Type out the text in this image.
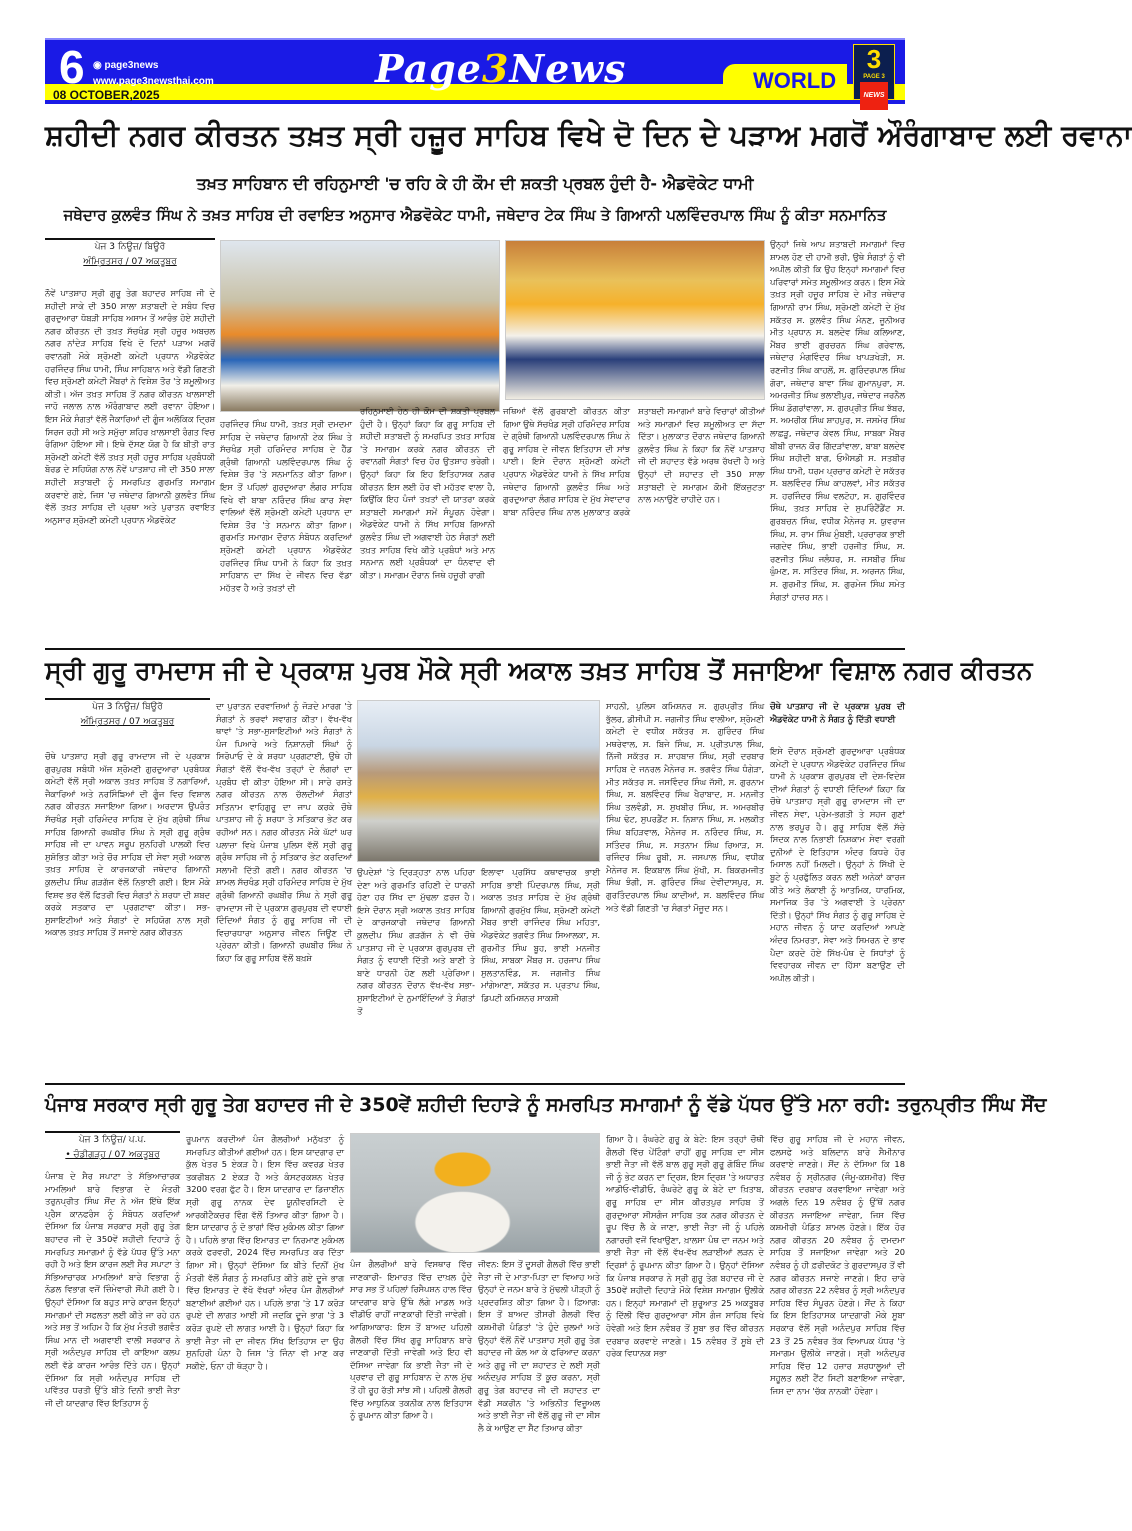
6 ◉ page3news
www.page3newsthai.com
08 OCTOBER,2025
Page3News	WORLD
3
PAGE 3
NEWS
ਸ਼ਹੀਦੀ ਨਗਰ ਕੀਰਤਨ ਤਖ਼ਤ ਸ੍ਰੀ ਹਜ਼ੂਰ ਸਾਹਿਬ ਵਿਖੇ ਦੋ ਦਿਨ ਦੇ ਪੜਾਅ ਮਗਰੋਂ ਔਰੰਗਾਬਾਦ ਲਈ ਰਵਾਨਾ
ਤਖ਼ਤ ਸਾਹਿਬਾਨ ਦੀ ਰਹਿਨੁਮਾਈ 'ਚ ਰਹਿ ਕੇ ਹੀ ਕੌਮ ਦੀ ਸ਼ਕਤੀ ਪ੍ਰਬਲ ਹੁੰਦੀ ਹੈ- ਐਡਵੋਕੇਟ ਧਾਮੀ
ਜਥੇਦਾਰ ਕੁਲਵੰਤ ਸਿੰਘ ਨੇ ਤਖ਼ਤ ਸਾਹਿਬ ਦੀ ਰਵਾਇਤ ਅਨੁਸਾਰ ਐਡਵੋਕੇਟ ਧਾਮੀ, ਜਥੇਦਾਰ ਟੇਕ ਸਿੰਘ ਤੇ ਗਿਆਨੀ ਪਲਵਿੰਦਰਪਾਲ ਸਿੰਘ ਨੂੰ ਕੀਤਾ ਸਨਮਾਨਿਤ
ਪੇਜ 3 ਨਿਊਜ਼/ ਬਿਊਰੋ
ਅੰਮ੍ਰਿਤਸਰ / 07 ਅਕਤੂਬਰ
ਨੌਵੇਂ ਪਾਤਸ਼ਾਹ ਸ੍ਰੀ ਗੁਰੂ ਤੇਗ ਬਹਾਦਰ ਸਾਹਿਬ ਜੀ ਦੇ ਸ਼ਹੀਦੀ ਸਾਕੇ ਦੀ 350 ਸਾਲਾ ਸ਼ਤਾਬਦੀ ਦੇ ਸਬੰਧ ਵਿਚ ਗੁਰਦੁਆਰਾ ਧੋਬੜੀ ਸਾਹਿਬ ਅਸਾਮ ਤੋਂ ਆਰੰਭ ਹੋਏ ਸ਼ਹੀਦੀ ਨਗਰ ਕੀਰਤਨ ਦੀ ਤਖ਼ਤ ਸੱਚਖੰਡ ਸ੍ਰੀ ਹਜ਼ੂਰ ਅਬਚਲ ਨਗਰ ਨਾਂਦੇੜ ਸਾਹਿਬ ਵਿਖੇ ਦੋ ਦਿਨਾਂ ਪੜਾਅ ਮਗਰੋਂ ਰਵਾਨਗੀ ਮੌਕੇ ਸ਼੍ਰੋਮਣੀ ਕਮੇਟੀ ਪ੍ਰਧਾਨ ਐਡਵੋਕੇਟ ਹਰਜਿੰਦਰ ਸਿੰਘ ਧਾਮੀ, ਸਿੰਘ ਸਾਹਿਬਾਨ ਅਤੇ ਵੱਡੀ ਗਿਣਤੀ ਵਿਚ ਸ਼੍ਰੋਮਣੀ ਕਮੇਟੀ ਮੈਂਬਰਾਂ ਨੇ ਵਿਸ਼ੇਸ਼ ਤੌਰ 'ਤੇ ਸ਼ਮੂਲੀਅਤ ਕੀਤੀ। ਅੱਜ ਤਖ਼ਤ ਸਾਹਿਬ ਤੋਂ ਨਗਰ ਕੀਰਤਨ ਖਾਲਸਾਈ ਜਾਹੋ ਜਲਾਲ ਨਾਲ ਔਰੰਗਾਬਾਦ ਲਈ ਰਵਾਨਾ ਹੋਇਆ। ਇਸ ਮੌਕੇ ਸੰਗਤਾਂ ਵੱਲੋਂ ਜੈਕਾਰਿਆਂ ਦੀ ਗੂੰਜ ਅਲੌਕਿਕ ਦ੍ਰਿਸ਼ ਸਿਰਜ ਰਹੀ ਸੀ ਅਤੇ ਸਮੁੱਚਾ ਸ਼ਹਿਰ ਖ਼ਾਲਸਾਈ ਰੰਗਤ ਵਿਚ ਰੰਗਿਆ ਹੋਇਆ ਸੀ। ਇਥੇ ਦੱਸਣ ਯੋਗ ਹੈ ਕਿ ਬੀਤੀ ਰਾਤ ਸ਼੍ਰੋਮਣੀ ਕਮੇਟੀ ਵੱਲੋਂ ਤਖ਼ਤ ਸ੍ਰੀ ਹਜ਼ੂਰ ਸਾਹਿਬ ਪ੍ਰਬੰਧਕੀ ਬੋਰਡ ਦੇ ਸਹਿਯੋਗ ਨਾਲ ਨੌਵੇਂ ਪਾਤਸ਼ਾਹ ਜੀ ਦੀ 350 ਸਾਲਾ ਸ਼ਹੀਦੀ ਸ਼ਤਾਬਦੀ ਨੂੰ ਸਮਰਪਿਤ ਗੁਰਮਤਿ ਸਮਾਗਮ ਕਰਵਾਏ ਗਏ, ਜਿਸ 'ਚ ਜਥੇਦਾਰ ਗਿਆਨੀ ਕੁਲਵੰਤ ਸਿੰਘ ਵੱਲੋਂ ਤਖ਼ਤ ਸਾਹਿਬ ਦੀ ਪ੍ਰਥਾ ਅਤੇ ਪੁਰਾਤਨ ਰਵਾਇਤ ਅਨੁਸਾਰ ਸ਼੍ਰੋਮਣੀ ਕਮੇਟੀ ਪ੍ਰਧਾਨ ਐਡਵੋਕੇਟ
ਹਰਜਿੰਦਰ ਸਿੰਘ ਧਾਮੀ, ਤਖ਼ਤ ਸ੍ਰੀ ਦਮਦਮਾ ਸਾਹਿਬ ਦੇ ਜਥੇਦਾਰ ਗਿਆਨੀ ਟੇਕ ਸਿੰਘ ਤੇ ਸੱਚਖੰਡ ਸ੍ਰੀ ਹਰਿਮੰਦਰ ਸਾਹਿਬ ਦੇ ਹੈੱਡ ਗ੍ਰੰਥੀ ਗਿਆਨੀ ਪਲਵਿੰਦਰਪਾਲ ਸਿੰਘ ਨੂੰ ਵਿਸ਼ੇਸ਼ ਤੌਰ 'ਤੇ ਸਨਮਾਨਿਤ ਕੀਤਾ ਗਿਆ। ਇਸ ਤੋਂ ਪਹਿਲਾਂ ਗੁਰਦੁਆਰਾ ਲੰਗਰ ਸਾਹਿਬ ਵਿਖੇ ਵੀ ਬਾਬਾ ਨਰਿੰਦਰ ਸਿੰਘ ਕਾਰ ਸੇਵਾ ਵਾਲਿਆਂ ਵੱਲੋਂ ਸ਼੍ਰੋਮਣੀ ਕਮੇਟੀ ਪ੍ਰਧਾਨ ਦਾ ਵਿਸ਼ੇਸ਼ ਤੌਰ 'ਤੇ ਸਨਮਾਨ ਕੀਤਾ ਗਿਆ। ਗੁਰਮਤਿ ਸਮਾਗਮ ਦੌਰਾਨ ਸੰਬੋਧਨ ਕਰਦਿਆਂ ਸ਼੍ਰੋਮਣੀ ਕਮੇਟੀ ਪ੍ਰਧਾਨ ਐਡਵੋਕੇਟ ਹਰਜਿੰਦਰ ਸਿੰਘ ਧਾਮੀ ਨੇ ਕਿਹਾ ਕਿ ਤਖ਼ਤ ਸਾਹਿਬਾਨ ਦਾ ਸਿੱਖ ਦੇ ਜੀਵਨ ਵਿਚ ਵੱਡਾ ਮਹੱਤਵ ਹੈ ਅਤੇ ਤਖ਼ਤਾਂ ਦੀ
ਰਹਿਨੁਮਾਈ ਹੇਠ ਹੀ ਕੌਮ ਦੀ ਸ਼ਕਤੀ ਪ੍ਰਬਲ ਹੁੰਦੀ ਹੈ। ਉਨ੍ਹਾਂ ਕਿਹਾ ਕਿ ਗੁਰੂ ਸਾਹਿਬ ਦੀ ਸ਼ਹੀਦੀ ਸ਼ਤਾਬਦੀ ਨੂੰ ਸਮਰਪਿਤ ਤਖ਼ਤ ਸਾਹਿਬ 'ਤੇ ਸਮਾਗਮ ਕਰਕੇ ਨਗਰ ਕੀਰਤਨ ਦੀ ਰਵਾਨਗੀ ਸੰਗਤਾਂ ਵਿਚ ਹੋਰ ਉਤਸ਼ਾਹ ਭਰੇਗੀ। ਉਨ੍ਹਾਂ ਕਿਹਾ ਕਿ ਇਹ ਇਤਿਹਾਸਕ ਨਗਰ ਕੀਰਤਨ ਇਸ ਲਈ ਹੋਰ ਵੀ ਮਹੱਤਵ ਵਾਲਾ ਹੈ, ਕਿਉਂਕਿ ਇਹ ਪੰਜਾਂ ਤਖ਼ਤਾਂ ਦੀ ਯਾਤਰਾ ਕਰਕੇ ਸ਼ਤਾਬਦੀ ਸਮਾਗਮਾਂ ਸਮੇਂ ਸੰਪੂਰਨ ਹੋਵੇਗਾ। ਐਡਵੋਕੇਟ ਧਾਮੀ ਨੇ ਸਿੱਖ ਸਾਹਿਬ ਗਿਆਨੀ ਕੁਲਵੰਤ ਸਿੰਘ ਦੀ ਅਗਵਾਈ ਹੇਠ ਸੰਗਤਾਂ ਲਈ ਤਖ਼ਤ ਸਾਹਿਬ ਵਿਖੇ ਕੀਤੇ ਪ੍ਰਬੰਧਾਂ ਅਤੇ ਮਾਨ ਸਨਮਾਨ ਲਈ ਪ੍ਰਬੰਧਕਾਂ ਦਾ ਧੰਨਵਾਦ ਵੀ ਕੀਤਾ। ਸਮਾਗਮ ਦੌਰਾਨ ਜਿਥੇ ਹਜ਼ੂਰੀ ਰਾਗੀ
ਜਥਿਆਂ ਵੱਲੋਂ ਗੁਰਬਾਣੀ ਕੀਰਤਨ ਕੀਤਾ ਗਿਆ ਉਥੇ ਸੱਚਖੰਡ ਸ੍ਰੀ ਹਰਿਮੰਦਰ ਸਾਹਿਬ ਦੇ ਗ੍ਰੰਥੀ ਗਿਆਨੀ ਪਲਵਿੰਦਰਪਾਲ ਸਿੰਘ ਨੇ ਗੁਰੂ ਸਾਹਿਬ ਦੇ ਜੀਵਨ ਇਤਿਹਾਸ ਦੀ ਸਾਂਝ ਪਾਈ। ਇਸੇ ਦੌਰਾਨ ਸ਼੍ਰੋਮਣੀ ਕਮੇਟੀ ਪ੍ਰਧਾਨ ਐਡਵੋਕੇਟ ਧਾਮੀ ਨੇ ਸਿੱਖ ਸਾਹਿਬ ਜਥੇਦਾਰ ਗਿਆਨੀ ਕੁਲਵੰਤ ਸਿੰਘ ਅਤੇ ਗੁਰਦੁਆਰਾ ਲੰਗਰ ਸਾਹਿਬ ਦੇ ਮੁੱਖ ਸੇਵਾਦਾਰ ਬਾਬਾ ਨਰਿੰਦਰ ਸਿੰਘ ਨਾਲ ਮੁਲਾਕਾਤ ਕਰਕੇ ਸ਼ਤਾਬਦੀ ਸਮਾਗਮਾਂ ਬਾਰੇ ਵਿਚਾਰਾਂ ਕੀਤੀਆਂ ਅਤੇ ਸਮਾਗਮਾਂ ਵਿਚ ਸ਼ਮੂਲੀਅਤ ਦਾ ਸੱਦਾ ਦਿੱਤਾ। ਮੁਲਾਕਾਤ ਦੌਰਾਨ ਜਥੇਦਾਰ ਗਿਆਨੀ ਕੁਲਵੰਤ ਸਿੰਘ ਨੇ ਕਿਹਾ ਕਿ ਨੌਵੇਂ ਪਾਤਸ਼ਾਹ ਜੀ ਦੀ ਸ਼ਹਾਦਤ ਵੱਡੇ ਅਰਥ ਰੱਖਦੀ ਹੈ ਅਤੇ ਉਨ੍ਹਾਂ ਦੀ ਸ਼ਹਾਦਤ ਦੀ 350 ਸਾਲਾ ਸ਼ਤਾਬਦੀ ਦੇ ਸਮਾਗਮ ਕੌਮੀ ਇੱਕਜੁਟਤਾ ਨਾਲ ਮਨਾਉਣੇ ਚਾਹੀਦੇ ਹਨ।
ਉਨ੍ਹਾਂ ਜਿਥੇ ਆਪ ਸ਼ਤਾਬਦੀ ਸਮਾਗਮਾਂ ਵਿਚ ਸ਼ਾਮਲ ਹੋਣ ਦੀ ਹਾਮੀ ਭਰੀ, ਉਥੇ ਸੰਗਤਾਂ ਨੂੰ ਵੀ ਅਪੀਲ ਕੀਤੀ ਕਿ ਉਹ ਇਨ੍ਹਾਂ ਸਮਾਗਮਾਂ ਵਿਚ ਪਰਿਵਾਰਾਂ ਸਮੇਤ ਸ਼ਮੂਲੀਅਤ ਕਰਨ। ਇਸ ਮੌਕੇ ਤਖ਼ਤ ਸ੍ਰੀ ਹਜ਼ੂਰ ਸਾਹਿਬ ਦੇ ਮੀਤ ਜਥੇਦਾਰ ਗਿਆਨੀ ਰਾਮ ਸਿੰਘ, ਸ਼੍ਰੋਮਣੀ ਕਮੇਟੀ ਦੇ ਮੁੱਖ ਸਕੱਤਰ ਸ. ਕੁਲਵੰਤ ਸਿੰਘ ਮੰਨਣ, ਜੂਨੀਅਰ ਮੀਤ ਪ੍ਰਧਾਨ ਸ. ਬਲਦੇਵ ਸਿੰਘ ਕਲਿਆਣ, ਮੈਂਬਰ ਭਾਈ ਗੁਰਚਰਨ ਸਿੰਘ ਗਰੇਵਾਲ, ਜਥੇਦਾਰ ਮੰਗਵਿੰਦਰ ਸਿੰਘ ਖਾਪੜਖੇੜੀ, ਸ. ਰਣਜੀਤ ਸਿੰਘ ਕਾਹਲੋਂ, ਸ. ਗੁਰਿੰਦਰਪਾਲ ਸਿੰਘ ਗੋਰਾ, ਜਥੇਦਾਰ ਬਾਵਾ ਸਿੰਘ ਗੁਮਾਨਪੁਰਾ, ਸ. ਅਮਰਜੀਤ ਸਿੰਘ ਭਲਾਈਪੁਰ, ਜਥੇਦਾਰ ਜਰਨੈਲ ਸਿੰਘ ਡੋਗਰਾਂਵਾਲਾ, ਸ. ਗੁਰਪ੍ਰੀਤ ਸਿੰਘ ਝੱਬਰ, ਸ. ਅਮਰੀਕ ਸਿੰਘ ਸ਼ਾਹਪੁਰ, ਸ. ਜਸਮੇਰ ਸਿੰਘ ਲਾਛੜੂ, ਜਥੇਦਾਰ ਕੇਵਲ ਸਿੰਘ, ਸਾਬਕਾ ਮੈਂਬਰ ਬੀਬੀ ਰਾਜਨ ਕੌਰ ਗਿੱਦੜਾਂਵਾਲਾ, ਬਾਬਾ ਬਲਦੇਵ ਸਿੰਘ ਸ਼ਹੀਦੀ ਬਾਗ, ਓਐਸਡੀ ਸ. ਸਤਬੀਰ ਸਿੰਘ ਧਾਮੀ, ਧਰਮ ਪ੍ਰਚਾਰ ਕਮੇਟੀ ਦੇ ਸਕੱਤਰ ਸ. ਬਲਵਿੰਦਰ ਸਿੰਘ ਕਾਹਲਵਾਂ, ਮੀਤ ਸਕੱਤਰ ਸ. ਹਰਜਿੰਦਰ ਸਿੰਘ ਵਲਟੋਹਾ, ਸ. ਗੁਰਵਿੰਦਰ ਸਿੰਘ, ਤਖ਼ਤ ਸਾਹਿਬ ਦੇ ਸੁਪਰਿੰਟੈਂਡੈਂਟ ਸ. ਗੁਰਬਚਨ ਸਿੰਘ, ਵਧੀਕ ਮੈਨੇਜਰ ਸ. ਯੁਵਰਾਜ ਸਿੰਘ, ਸ. ਰਾਮ ਸਿੰਘ ਮੁੰਬਈ, ਪ੍ਰਚਾਰਕ ਭਾਈ ਜਗਦੇਵ ਸਿੰਘ, ਭਾਈ ਹਰਜੀਤ ਸਿੰਘ, ਸ. ਰਣਜੀਤ ਸਿੰਘ ਜਲੰਧਰ, ਸ. ਜਸਬੀਰ ਸਿੰਘ ਘੁੰਮਣ, ਸ. ਸਤਿੰਦਰ ਸਿੰਘ, ਸ. ਅਰਜਨ ਸਿੰਘ, ਸ. ਗੁਰਮੀਤ ਸਿੰਘ, ਸ. ਗੁਰਮੇਜ ਸਿੰਘ ਸਮੇਤ ਸੰਗਤਾਂ ਹਾਜ਼ਰ ਸਨ।
ਸ੍ਰੀ ਗੁਰੂ ਰਾਮਦਾਸ ਜੀ ਦੇ ਪ੍ਰਕਾਸ਼ ਪੁਰਬ ਮੌਕੇ ਸ੍ਰੀ ਅਕਾਲ ਤਖ਼ਤ ਸਾਹਿਬ ਤੋਂ ਸਜਾਇਆ ਵਿਸ਼ਾਲ ਨਗਰ ਕੀਰਤਨ
ਪੇਜ 3 ਨਿਊਜ਼/ ਬਿਊਰੋ
ਅੰਮ੍ਰਿਤਸਰ / 07 ਅਕਤੂਬਰ
ਚੌਥੇ ਪਾਤਸ਼ਾਹ ਸ੍ਰੀ ਗੁਰੂ ਰਾਮਦਾਸ ਜੀ ਦੇ ਪ੍ਰਕਾਸ਼ ਗੁਰਪੁਰਬ ਸਬੰਧੀ ਅੱਜ ਸ਼੍ਰੋਮਣੀ ਗੁਰਦੁਆਰਾ ਪ੍ਰਬੰਧਕ ਕਮੇਟੀ ਵੱਲੋਂ ਸ੍ਰੀ ਅਕਾਲ ਤਖ਼ਤ ਸਾਹਿਬ ਤੋਂ ਨਗਾਰਿਆਂ, ਜੈਕਾਰਿਆਂ ਅਤੇ ਨਰਸਿੰਙਿਆਂ ਦੀ ਗੂੰਜ ਵਿਚ ਵਿਸ਼ਾਲ ਨਗਰ ਕੀਰਤਨ ਸਜਾਇਆ ਗਿਆ। ਅਰਦਾਸ ਉਪਰੰਤ ਸੱਚਖੰਡ ਸ੍ਰੀ ਹਰਿਮੰਦਰ ਸਾਹਿਬ ਦੇ ਮੁੱਖ ਗ੍ਰੰਥੀ ਸਿੰਘ ਸਾਹਿਬ ਗਿਆਨੀ ਰਘਬੀਰ ਸਿੰਘ ਨੇ ਸ੍ਰੀ ਗੁਰੂ ਗ੍ਰੰਥ ਸਾਹਿਬ ਜੀ ਦਾ ਪਾਵਨ ਸਰੂਪ ਸੁਨਹਿਰੀ ਪਾਲਕੀ ਵਿਚ ਸੁਸ਼ੋਭਿਤ ਕੀਤਾ ਅਤੇ ਚੌਰ ਸਾਹਿਬ ਦੀ ਸੇਵਾ ਸ੍ਰੀ ਅਕਾਲ ਤਖ਼ਤ ਸਾਹਿਬ ਦੇ ਕਾਰਜਕਾਰੀ ਜਥੇਦਾਰ ਗਿਆਨੀ ਕੁਲਦੀਪ ਸਿੰਘ ਗੜਗੱਜ ਵੱਲੋਂ ਨਿਭਾਈ ਗਈ। ਇਸ ਮੌਕੇ ਵਿਸ਼ਵ ਭਰ ਵੱਲੋਂ ਫਿਤਰੀ ਵਿਚ ਸੰਗਤਾਂ ਨੇ ਸ਼ਰਧਾ ਦੀ ਸ਼ਬਦ ਕਰਕੇ ਸਤਕਾਰ ਦਾ ਪ੍ਰਗਟਾਵਾ ਕੀਤਾ। ਸਭ-ਸੁਸਾਇਟੀਆਂ ਅਤੇ ਸੰਗਤਾਂ ਦੇ ਸਹਿਯੋਗ ਨਾਲ ਸ੍ਰੀ ਅਕਾਲ ਤਖ਼ਤ ਸਾਹਿਬ ਤੋਂ ਸਜਾਏ ਨਗਰ ਕੀਰਤਨ
ਦਾ ਪੁਰਾਤਨ ਦਰਵਾਜ਼ਿਆਂ ਨੂੰ ਜੋੜਦੇ ਮਾਰਗ 'ਤੇ ਸੰਗਤਾਂ ਨੇ ਭਰਵਾਂ ਸਵਾਗਤ ਕੀਤਾ। ਵੱਖ-ਵੱਖ ਥਾਵਾਂ 'ਤੇ ਸਭਾ-ਸੁਸਾਇਟੀਆਂ ਅਤੇ ਸੰਗਤਾਂ ਨੇ ਪੰਜ ਪਿਆਰੇ ਅਤੇ ਨਿਸ਼ਾਨਚੀ ਸਿੰਘਾਂ ਨੂੰ ਸਿਰੋਪਾਓ ਦੇ ਕੇ ਸ਼ਰਧਾ ਪ੍ਰਗਟਾਈ, ਉਥੇ ਹੀ ਸੰਗਤਾਂ ਵੱਲੋਂ ਵੱਖ-ਵੱਖ ਤਰ੍ਹਾਂ ਦੇ ਲੰਗਰਾਂ ਦਾ ਪ੍ਰਬੰਧ ਵੀ ਕੀਤਾ ਹੋਇਆ ਸੀ। ਸਾਰੇ ਰਸਤੇ ਨਗਰ ਕੀਰਤਨ ਨਾਲ ਚੱਲਦੀਆਂ ਸੰਗਤਾਂ ਸਤਿਨਾਮ ਵਾਹਿਗੁਰੂ ਦਾ ਜਾਪ ਕਰਕੇ ਚੌਥੇ ਪਾਤਸ਼ਾਹ ਜੀ ਨੂੰ ਸ਼ਰਧਾ ਤੇ ਸਤਿਕਾਰ ਭੇਟ ਕਰ ਰਹੀਆਂ ਸਨ। ਨਗਰ ਕੀਰਤਨ ਮੌਕੇ ਘੱਟਾਂ ਘਰ ਪਲਾਜ਼ਾ ਵਿਖੇ ਪੰਜਾਬ ਪੁਲਿਸ ਵੱਲੋਂ ਸ੍ਰੀ ਗੁਰੂ ਗ੍ਰੰਥ ਸਾਹਿਬ ਜੀ ਨੂੰ ਸਤਿਕਾਰ ਭੇਟ ਕਰਦਿਆਂ ਸਲਾਮੀ ਦਿੱਤੀ ਗਈ। ਨਗਰ ਕੀਰਤਨ 'ਚ ਸ਼ਾਮਲ ਸੱਚਖੰਡ ਸ੍ਰੀ ਹਰਿਮੰਦਰ ਸਾਹਿਬ ਦੇ ਮੁੱਖ ਗ੍ਰੰਥੀ ਗਿਆਨੀ ਰਘਬੀਰ ਸਿੰਘ ਨੇ ਸ੍ਰੀ ਗੁਰੂ ਰਾਮਦਾਸ ਜੀ ਦੇ ਪ੍ਰਕਾਸ਼ ਗੁਰਪੁਰਬ ਦੀ ਵਧਾਈ ਦਿੰਦਿਆਂ ਸੰਗਤ ਨੂੰ ਗੁਰੂ ਸਾਹਿਬ ਜੀ ਦੀ ਵਿਚਾਰਧਾਰਾ ਅਨੁਸਾਰ ਜੀਵਨ ਜਿਊਣ ਦੀ ਪ੍ਰੇਰਨਾ ਕੀਤੀ। ਗਿਆਨੀ ਰਘਬੀਰ ਸਿੰਘ ਨੇ ਕਿਹਾ ਕਿ ਗੁਰੂ ਸਾਹਿਬ ਵੱਲੋਂ ਬਖ਼ਸ਼ੇ
ਉਪਦੇਸ਼ਾਂ 'ਤੇ ਦ੍ਰਿੜ੍ਹਤਾ ਨਾਲ ਪਹਿਰਾ ਦੇਣਾ ਅਤੇ ਗੁਰਮਤਿ ਰਹਿਣੀ ਦੇ ਧਾਰਨੀ ਹੋਣਾ ਹਰ ਸਿੱਖ ਦਾ ਮੁੱਢਲਾ ਫ਼ਰਜ਼ ਹੈ। ਇਸੇ ਦੌਰਾਨ ਸ੍ਰੀ ਅਕਾਲ ਤਖ਼ਤ ਸਾਹਿਬ ਦੇ ਕਾਰਜਕਾਰੀ ਜਥੇਦਾਰ ਗਿਆਨੀ ਕੁਲਦੀਪ ਸਿੰਘ ਗੜਗੱਜ ਨੇ ਵੀ ਚੌਥੇ ਪਾਤਸ਼ਾਹ ਜੀ ਦੇ ਪ੍ਰਕਾਸ਼ ਗੁਰਪੁਰਬ ਦੀ ਸੰਗਤ ਨੂੰ ਵਧਾਈ ਦਿੱਤੀ ਅਤੇ ਬਾਣੀ ਤੇ ਬਾਣੇ ਧਾਰਨੀ ਹੋਣ ਲਈ ਪ੍ਰੇਰਿਆ। ਨਗਰ ਕੀਰਤਨ ਦੌਰਾਨ ਵੱਖ-ਵੱਖ ਸਭਾ-ਸੁਸਾਇਟੀਆਂ ਦੇ ਨੁਮਾਇੰਦਿਆਂ ਤੇ ਸੰਗਤਾਂ ਤੋਂ
ਇਲਾਵਾ ਪ੍ਰਸਿੱਧ ਕਥਾਵਾਚਕ ਭਾਈ ਸਾਹਿਬ ਭਾਈ ਪਿੰਦਰਪਾਲ ਸਿੰਘ, ਸ੍ਰੀ ਅਕਾਲ ਤਖ਼ਤ ਸਾਹਿਬ ਦੇ ਮੁੱਖ ਗ੍ਰੰਥੀ ਗਿਆਨੀ ਗੁਰਮੁੱਖ ਸਿੰਘ, ਸ਼੍ਰੋਮਣੀ ਕਮੇਟੀ ਮੈਂਬਰ ਭਾਈ ਰਾਜਿੰਦਰ ਸਿੰਘ ਮਹਿਤਾ, ਐਡਵੋਕੇਟ ਭਗਵੰਤ ਸਿੰਘ ਸਿਆਲਕਾ, ਸ. ਗੁਰਮੀਤ ਸਿੰਘ ਬੂਹ, ਭਾਈ ਮਨਜੀਤ ਸਿੰਘ, ਸਾਬਕਾ ਮੈਂਬਰ ਸ. ਹਰਜਾਪ ਸਿੰਘ ਸੁਲਤਾਨਵਿੰਡ, ਸ. ਜਗਜੀਤ ਸਿੰਘ ਮਾਂਗੇਆਣਾ, ਸਕੱਤਰ ਸ. ਪ੍ਰਤਾਪ ਸਿੰਘ, ਡਿਪਟੀ ਕਮਿਸ਼ਨਰ ਸਾਕਸ਼ੀ
ਸਾਹਨੀ, ਪੁਲਿਸ ਕਮਿਸ਼ਨਰ ਸ. ਗੁਰਪ੍ਰੀਤ ਸਿੰਘ ਭੁੱਲਰ, ਡੀਸੀਪੀ ਸ. ਜਗਜੀਤ ਸਿੰਘ ਵਾਲੀਆ, ਸ਼੍ਰੋਮਣੀ ਕਮੇਟੀ ਦੇ ਵਧੀਕ ਸਕੱਤਰ ਸ. ਗੁਰਿੰਦਰ ਸਿੰਘ ਮਥਰੇਵਾਲ, ਸ. ਬਿਜੇ ਸਿੰਘ, ਸ. ਪ੍ਰੀਤਪਾਲ ਸਿੰਘ, ਨਿੱਜੀ ਸਕੱਤਰ ਸ. ਸ਼ਾਹਬਾਜ਼ ਸਿੰਘ, ਸ੍ਰੀ ਦਰਬਾਰ ਸਾਹਿਬ ਦੇ ਜਨਰਲ ਮੈਨੇਜਰ ਸ. ਭਗਵੰਤ ਸਿੰਘ ਧੰਗੇੜਾ, ਮੀਤ ਸਕੱਤਰ ਸ. ਜਸਵਿੰਦਰ ਸਿੰਘ ਜੱਸੀ, ਸ. ਗੁਰਨਾਮ ਸਿੰਘ, ਸ. ਬਲਵਿੰਦਰ ਸਿੰਘ ਖੈਰਾਬਾਦ, ਸ. ਮਨਜੀਤ ਸਿੰਘ ਤਲਵੰਡੀ, ਸ. ਸੁਖਬੀਰ ਸਿੰਘ, ਸ. ਅਮਰਬੀਰ ਸਿੰਘ ਢੋਟ, ਸੁਪਰਡੈਂਟ ਸ. ਨਿਸ਼ਾਨ ਸਿੰਘ, ਸ. ਮਲਕੀਤ ਸਿੰਘ ਬਹਿੜਵਾਲ, ਮੈਨੇਜਰ ਸ. ਨਰਿੰਦਰ ਸਿੰਘ, ਸ. ਸਤਿੰਦਰ ਸਿੰਘ, ਸ. ਸਤਨਾਮ ਸਿੰਘ ਰਿਆੜ, ਸ. ਰਜਿੰਦਰ ਸਿੰਘ ਰੂਬੀ, ਸ. ਜਸਪਾਲ ਸਿੰਘ, ਵਧੀਕ ਮੈਨੇਜਰ ਸ. ਇਕਬਾਲ ਸਿੰਘ ਮੁੱਖੀ, ਸ. ਬਿਕਰਮਜੀਤ ਸਿੰਘ ਝੰਗੀ, ਸ. ਗੁਰਿੰਦਰ ਸਿੰਘ ਦੇਵੀਦਾਸਪੁਰ, ਸ. ਗੁਰਤਿੰਦਰਪਾਲ ਸਿੰਘ ਕਾਦੀਆਂ, ਸ. ਬਲਵਿੰਦਰ ਸਿੰਘ ਅਤੇ ਵੱਡੀ ਗਿਣਤੀ 'ਚ ਸੰਗਤਾਂ ਮੌਜੂਦ ਸਨ।
ਚੌਥੇ ਪਾਤਸ਼ਾਹ ਜੀ ਦੇ ਪ੍ਰਕਾਸ਼ ਪੁਰਬ ਦੀ ਐਡਵੋਕੇਟ ਧਾਮੀ ਨੇ ਸੰਗਤ ਨੂੰ ਦਿੱਤੀ ਵਧਾਈ
ਇਸੇ ਦੌਰਾਨ ਸ਼੍ਰੋਮਣੀ ਗੁਰਦੁਆਰਾ ਪ੍ਰਬੰਧਕ ਕਮੇਟੀ ਦੇ ਪ੍ਰਧਾਨ ਐਡਵੋਕੇਟ ਹਰਜਿੰਦਰ ਸਿੰਘ ਧਾਮੀ ਨੇ ਪ੍ਰਕਾਸ਼ ਗੁਰਪੁਰਬ ਦੀ ਦੇਸ਼-ਵਿਦੇਸ਼ ਦੀਆਂ ਸੰਗਤਾਂ ਨੂੰ ਵਧਾਈ ਦਿੰਦਿਆਂ ਕਿਹਾ ਕਿ ਚੌਥੇ ਪਾਤਸ਼ਾਹ ਸ੍ਰੀ ਗੁਰੂ ਰਾਮਦਾਸ ਜੀ ਦਾ ਜੀਵਨ ਸੇਵਾ, ਪ੍ਰੇਮ-ਭਗਤੀ ਤੇ ਸਹਜ ਗੁਣਾਂ ਨਾਲ ਭਰਪੂਰ ਹੈ। ਗੁਰੂ ਸਾਹਿਬ ਵੱਲੋਂ ਸੱਚੇ ਸਿਦਕ ਨਾਲ ਨਿਭਾਈ ਨਿਸ਼ਕਾਮ ਸੇਵਾ ਵਰਗੀ ਦੁਨੀਆਂ ਦੇ ਇਤਿਹਾਸ ਅੰਦਰ ਕਿਧਰੇ ਹੋਰ ਮਿਸਾਲ ਨਹੀਂ ਮਿਲਦੀ। ਉਨ੍ਹਾਂ ਨੇ ਸਿੱਖੀ ਦੇ ਬੂਟੇ ਨੂੰ ਪ੍ਰਫੁੱਲਿਤ ਕਰਨ ਲਈ ਅਨੇਕਾਂ ਕਾਰਜ ਕੀਤੇ ਅਤੇ ਲੋਕਾਈ ਨੂੰ ਆਤਮਿਕ, ਧਾਰਮਿਕ, ਸਮਾਜਿਕ ਤੌਰ 'ਤੇ ਅਗਵਾਈ ਤੇ ਪ੍ਰੇਰਨਾ ਦਿੱਤੀ। ਉਨ੍ਹਾਂ ਸਿੱਖ ਸੰਗਤ ਨੂੰ ਗੁਰੂ ਸਾਹਿਬ ਦੇ ਮਹਾਨ ਜੀਵਨ ਨੂੰ ਯਾਦ ਕਰਦਿਆਂ ਆਪਣੇ ਅੰਦਰ ਨਿਮਰਤਾ, ਸੇਵਾ ਅਤੇ ਸਿਮਰਨ ਦੇ ਭਾਵ ਪੈਦਾ ਕਰਦੇ ਹੋਏ ਸਿੱਖ-ਪੰਥ ਦੇ ਸਿਧਾਂਤਾਂ ਨੂੰ ਵਿਵਹਾਰਕ ਜੀਵਨ ਦਾ ਹਿੱਸਾ ਬਣਾਉਣ ਦੀ ਅਪੀਲ ਕੀਤੀ।
ਪੰਜਾਬ ਸਰਕਾਰ ਸ੍ਰੀ ਗੁਰੂ ਤੇਗ ਬਹਾਦਰ ਜੀ ਦੇ 350ਵੇਂ ਸ਼ਹੀਦੀ ਦਿਹਾੜੇ ਨੂੰ ਸਮਰਪਿਤ ਸਮਾਗਮਾਂ ਨੂੰ ਵੱਡੇ ਪੱਧਰ ਉੱਤੇ ਮਨਾ ਰਹੀ: ਤਰੁਨਪ੍ਰੀਤ ਸਿੰਘ ਸੌਂਦ
ਪੇਜ 3 ਨਿਊਜ਼/ ਪ.ਪ.
• ਚੰਡੀਗੜ੍ਹ / 07 ਅਕਤੂਬਰ
ਪੰਜਾਬ ਦੇ ਸੈਰ ਸਪਾਟਾ ਤੇ ਸੱਭਿਆਚਾਰਕ ਮਾਮਲਿਆਂ ਬਾਰੇ ਵਿਭਾਗ ਦੇ ਮੰਤਰੀ ਤਰੁਨਪ੍ਰੀਤ ਸਿੰਘ ਸੌਂਦ ਨੇ ਅੱਜ ਇੱਥੇ ਇੱਕ ਪ੍ਰੈਸ ਕਾਨਫਰੰਸ ਨੂੰ ਸੰਬੋਧਨ ਕਰਦਿਆਂ ਦੱਸਿਆ ਕਿ ਪੰਜਾਬ ਸਰਕਾਰ ਸ੍ਰੀ ਗੁਰੂ ਤੇਗ ਬਹਾਦਰ ਜੀ ਦੇ 350ਵੇਂ ਸ਼ਹੀਦੀ ਦਿਹਾੜੇ ਨੂੰ ਸਮਰਪਿਤ ਸਮਾਗਮਾਂ ਨੂੰ ਵੱਡੇ ਪੱਧਰ ਉੱਤੇ ਮਨਾ ਰਹੀ ਹੈ ਅਤੇ ਇਸ ਕਾਰਜ ਲਈ ਸੈਰ ਸਪਾਟਾ ਤੇ ਸੱਭਿਆਚਾਰਕ ਮਾਮਲਿਆਂ ਬਾਰੇ ਵਿਭਾਗ ਨੂੰ ਨੋਡਲ ਵਿਭਾਗ ਵਜੋਂ ਜ਼ਿੰਮੇਵਾਰੀ ਸੌਂਪੀ ਗਈ ਹੈ। ਉਨ੍ਹਾਂ ਦੱਸਿਆ ਕਿ ਬਹੁਤ ਸਾਰੇ ਕਾਰਜ ਇਨ੍ਹਾਂ ਸਮਾਗਮਾਂ ਦੀ ਸਫਲਤਾ ਲਈ ਕੀਤੇ ਜਾ ਰਹੇ ਹਨ ਅਤੇ ਸਭ ਤੋਂ ਅਹਿਮ ਹੈ ਕਿ ਮੁੱਖ ਮੰਤਰੀ ਭਗਵੰਤ ਸਿੰਘ ਮਾਨ ਦੀ ਅਗਵਾਈ ਵਾਲੀ ਸਰਕਾਰ ਨੇ ਸ੍ਰੀ ਅਨੰਦਪੁਰ ਸਾਹਿਬ ਦੀ ਕਾਇਆ ਕਲਪ ਲਈ ਵੱਡੇ ਕਾਰਜ ਆਰੰਭ ਦਿੱਤੇ ਹਨ। ਉਨ੍ਹਾਂ ਦੱਸਿਆ ਕਿ ਸ੍ਰੀ ਅਨੰਦਪੁਰ ਸਾਹਿਬ ਦੀ ਪਵਿੱਤਰ ਧਰਤੀ ਉੱਤੇ ਬੀਤੇ ਦਿਨੀ ਭਾਈ ਜੈਤਾ ਜੀ ਦੀ ਯਾਦਗਾਰ ਵਿੱਚ ਇਤਿਹਾਸ ਨੂੰ
ਰੂਪਮਾਨ ਕਰਦੀਆਂ ਪੰਜ ਗੈਲਰੀਆਂ ਮਨੁੱਖਤਾ ਨੂੰ ਸਮਰਪਿਤ ਕੀਤੀਆਂ ਗਈਆਂ ਹਨ। ਇਸ ਯਾਦਗਾਰ ਦਾ ਕੁੱਲ ਖੇਤਰ 5 ਏਕੜ ਹੈ। ਇਸ ਵਿੱਚ ਕਵਰਡ ਖੇਤਰ ਤਕਰੀਬਨ 2 ਏਕੜ ਹੈ ਅਤੇ ਕੰਸਟਰਕਸ਼ਨ ਖੇਤਰ 3200 ਵਰਗ ਫੁੱਟ ਹੈ। ਇਸ ਯਾਦਗਾਰ ਦਾ ਡਿਜ਼ਾਈਨ ਸ੍ਰੀ ਗੁਰੂ ਨਾਨਕ ਦੇਵ ਯੂਨੀਵਰਸਿਟੀ ਦੇ ਆਰਕੀਟੈਕਚਰ ਵਿੰਗ ਵੱਲੋਂ ਤਿਆਰ ਕੀਤਾ ਗਿਆ ਹੈ। ਇਸ ਯਾਦਗਾਰ ਨੂੰ ਦੋ ਭਾਗਾਂ ਵਿੱਚ ਮੁਕੰਮਲ ਕੀਤਾ ਗਿਆ ਹੈ। ਪਹਿਲੇ ਭਾਗ ਵਿੱਚ ਇਮਾਰਤ ਦਾ ਨਿਰਮਾਣ ਮੁਕੰਮਲ ਕਰਕੇ ਫਰਵਰੀ, 2024 ਵਿੱਚ ਸਮਰਪਿਤ ਕਰ ਦਿੱਤਾ ਗਿਆ ਸੀ। ਉਨ੍ਹਾਂ ਦੱਸਿਆ ਕਿ ਬੀਤੇ ਦਿਨੀਂ ਮੁੱਖ ਮੰਤਰੀ ਵੱਲੋਂ ਸੰਗਤ ਨੂੰ ਸਮਰਪਿਤ ਕੀਤੇ ਗਏ ਦੂਜੇ ਭਾਗ ਵਿੱਚ ਇਮਾਰਤ ਦੇ ਵੱਖੋ ਵੱਖਰਾਂ ਅੰਦਰ ਪੰਜ ਗੈਲਰੀਆਂ ਬਣਾਈਆਂ ਗਈਆਂ ਹਨ। ਪਹਿਲੇ ਭਾਗ 'ਤੇ 17 ਕਰੋੜ ਰੁਪਏ ਦੀ ਲਾਗਤ ਆਈ ਸੀ ਜਦਕਿ ਦੂਜੇ ਭਾਗ 'ਤੇ 3 ਕਰੋੜ ਰੁਪਏ ਦੀ ਲਾਗਤ ਆਈ ਹੈ। ਉਨ੍ਹਾਂ ਕਿਹਾ ਕਿ ਭਾਈ ਜੈਤਾ ਜੀ ਦਾ ਜੀਵਨ ਸਿੱਖ ਇਤਿਹਾਸ ਦਾ ਉਹ ਸੁਨਹਿਰੀ ਪੰਨਾ ਹੈ ਜਿਸ 'ਤੇ ਜਿੰਨਾ ਵੀ ਮਾਣ ਕਰ ਸਕੀਏ, ਓਨਾ ਹੀ ਥੋੜ੍ਹਾ ਹੈ।
ਪੰਜ ਗੈਲਰੀਆਂ ਬਾਰੇ ਵਿਸਥਾਰ ਵਿੱਚ ਜਾਣਕਾਰੀ- ਇਮਾਰਤ ਵਿੱਚ ਦਾਖ਼ਲ ਹੁੰਦੇ ਸਾਰ ਸਭ ਤੋਂ ਪਹਿਲਾਂ ਰਿਸੈਪਸ਼ਨ ਹਾਲ ਵਿੱਚ ਯਾਦਗਾਰ ਬਾਰੇ ਉੱਥੇ ਲੱਗੇ ਮਾਡਲ ਅਤੇ ਵੀਡੀਓ ਰਾਹੀਂ ਜਾਣਕਾਰੀ ਦਿੱਤੀ ਜਾਵੇਗੀ। ਆਗਿਆਕਾਰ: ਇਸ ਤੋਂ ਬਾਅਦ ਪਹਿਲੀ ਗੈਲਰੀ ਵਿੱਚ ਸਿੱਖ ਗੁਰੂ ਸਾਹਿਬਾਨ ਬਾਰੇ ਜਾਣਕਾਰੀ ਦਿੱਤੀ ਜਾਵੇਗੀ ਅਤੇ ਇਹ ਵੀ ਦੱਸਿਆ ਜਾਵੇਗਾ ਕਿ ਭਾਈ ਜੈਤਾ ਜੀ ਦੇ ਪ੍ਰਵਾਰ ਦੀ ਗੁਰੂ ਸਾਹਿਬਾਨ ਦੇ ਨਾਲ ਮੁੱਢ ਤੋਂ ਹੀ ਰੂਹ ਰੱਤੀ ਸਾਂਝ ਸੀ। ਪਹਿਲੀ ਗੈਲਰੀ ਵਿੱਚ ਆਧੁਨਿਕ ਤਕਨੀਕ ਨਾਲ ਇਤਿਹਾਸ ਨੂੰ ਰੂਪਮਾਨ ਕੀਤਾ ਗਿਆ ਹੈ।
ਜੀਵਨ: ਇਸ ਤੋਂ ਦੂਸਰੀ ਗੈਲਰੀ ਵਿੱਚ ਭਾਈ ਜੈਤਾ ਜੀ ਦੇ ਮਾਤਾ-ਪਿਤਾ ਦਾ ਵਿਆਹ ਅਤੇ ਉਨ੍ਹਾਂ ਦੇ ਜਨਮ ਬਾਰੇ ਤੇ ਮੁੱਢਲੀ ਪੀੜ੍ਹੀ ਨੂੰ ਪ੍ਰਦਰਸ਼ਿਤ ਕੀਤਾ ਗਿਆ ਹੈ। ਫ਼ਿਆਗ: ਇਸ ਤੋਂ ਬਾਅਦ ਤੀਸਰੀ ਗੈਲਰੀ ਵਿੱਚ ਕਸ਼ਮੀਰੀ ਪੰਡਿਤਾਂ 'ਤੇ ਹੁੰਦੇ ਜ਼ੁਲਮਾਂ ਅਤੇ ਉਨ੍ਹਾਂ ਵੱਲੋਂ ਨੌਵੇਂ ਪਾਤਸ਼ਾਹ ਸ੍ਰੀ ਗੁਰੂ ਤੇਗ ਬਹਾਦਰ ਜੀ ਕੋਲ ਆ ਕੇ ਫਰਿਆਦ ਕਰਨਾ ਅਤੇ ਗੁਰੂ ਜੀ ਦਾ ਸ਼ਹਾਦਤ ਦੇ ਲਈ ਸ੍ਰੀ ਅਨੰਦਪੁਰ ਸਾਹਿਬ ਤੋਂ ਕੂਚ ਕਰਨਾ, ਸ੍ਰੀ ਗੁਰੂ ਤੇਗ ਬਹਾਦਰ ਜੀ ਦੀ ਸ਼ਹਾਦਤ ਦਾ ਵੱਡੀ ਸਕਰੀਨ 'ਤੇ ਅਭਿਨੀਤ ਵਿਜ਼ੂਅਲ ਅਤੇ ਭਾਈ ਜੈਤਾ ਜੀ ਵੱਲੋਂ ਗੁਰੂ ਜੀ ਦਾ ਸੀਸ ਲੈ ਕੇ ਆਉਣ ਦਾ ਸੈੱਟ ਤਿਆਰ ਕੀਤਾ
ਗਿਆ ਹੈ। ਰੰਘਰੇਟੇ ਗੁਰੂ ਕੇ ਬੇਟੇ: ਇਸ ਤਰ੍ਹਾਂ ਚੌਥੀ ਗੈਲਰੀ ਵਿੱਚ ਪੇਂਟਿੰਗਾਂ ਰਾਹੀਂ ਗੁਰੂ ਸਾਹਿਬ ਦਾ ਸੀਸ ਭਾਈ ਜੈਤਾ ਜੀ ਵੱਲੋਂ ਬਾਲ ਗੁਰੂ ਸ੍ਰੀ ਗੁਰੂ ਗੋਬਿੰਦ ਸਿੰਘ ਜੀ ਨੂੰ ਭੇਟ ਕਰਨ ਦਾ ਦ੍ਰਿਸ਼, ਇਸ ਦ੍ਰਿਸ਼ 'ਤੇ ਅਧਾਰਤ ਆਡੀਓ-ਵੀਡੀਓ, ਰੰਘਰੇਟੇ ਗੁਰੂ ਕੇ ਬੇਟੇ ਦਾ ਖ਼ਿਤਾਬ, ਗੁਰੂ ਸਾਹਿਬ ਦਾ ਸੀਸ ਕੀਰਤਪੁਰ ਸਾਹਿਬ ਤੋਂ ਗੁਰਦੁਆਰਾ ਸੀਸਗੰਜ ਸਾਹਿਬ ਤਕ ਨਗਰ ਕੀਰਤਨ ਦੇ ਰੂਪ ਵਿੱਚ ਲੈ ਕੇ ਜਾਣਾ, ਭਾਈ ਜੈਤਾ ਜੀ ਨੂੰ ਪਹਿਲੇ ਨਗਾਰਚੀ ਵਜੋਂ ਵਿਖਾਉਣਾ, ਖ਼ਾਲਸਾ ਪੰਥ ਦਾ ਜਨਮ ਅਤੇ ਭਾਈ ਜੈਤਾ ਜੀ ਵੱਲੋਂ ਵੱਖ-ਵੱਖ ਲੜਾਈਆਂ ਲੜਨ ਦੇ ਦ੍ਰਿਸ਼ਾਂ ਨੂੰ ਰੂਪਮਾਨ ਕੀਤਾ ਗਿਆ ਹੈ। ਉਨ੍ਹਾਂ ਦੱਸਿਆ ਕਿ ਪੰਜਾਬ ਸਰਕਾਰ ਨੇ ਸ੍ਰੀ ਗੁਰੂ ਤੇਗ ਬਹਾਦਰ ਜੀ ਦੇ 350ਵੇਂ ਸ਼ਹੀਦੀ ਦਿਹਾੜੇ ਮੌਕੇ ਵਿਸ਼ੇਸ਼ ਸਮਾਗਮ ਉਲੀਕੇ ਹਨ। ਇਨ੍ਹਾਂ ਸਮਾਗਮਾਂ ਦੀ ਸ਼ੁਰੂਆਤ 25 ਅਕਤੂਬਰ ਨੂੰ ਦਿੱਲੀ ਵਿੱਚ ਗੁਰਦੁਆਰਾ ਸੀਸ ਗੰਜ ਸਾਹਿਬ ਵਿਖੇ ਹੋਵੇਗੀ ਅਤੇ ਇਸ ਨਵੰਬਰ ਤੋਂ ਸੂਬਾ ਭਰ ਵਿੱਚ ਕੀਰਤਨ ਦਰਬਾਰ ਕਰਵਾਏ ਜਾਣਗੇ। 15 ਨਵੰਬਰ ਤੋਂ ਸੂਬੇ ਦੀ ਹਰੇਕ ਵਿਧਾਨਕ ਸਭਾ
ਵਿੱਚ ਗੁਰੂ ਸਾਹਿਬ ਜੀ ਦੇ ਮਹਾਨ ਜੀਵਨ, ਫਲਸਫੇ ਅਤੇ ਬਲਿਦਾਨ ਬਾਰੇ ਸੈਮੀਨਾਰ ਕਰਵਾਏ ਜਾਣਗੇ। ਸੌਂਦ ਨੇ ਦੱਸਿਆ ਕਿ 18 ਨਵੰਬਰ ਨੂੰ ਸ੍ਰੀਨਗਰ (ਜੰਮੂ-ਕਸ਼ਮੀਰ) ਵਿੱਚ ਕੀਰਤਨ ਦਰਬਾਰ ਕਰਵਾਇਆ ਜਾਵੇਗਾ ਅਤੇ ਅਗਲੇ ਦਿਨ 19 ਨਵੰਬਰ ਨੂੰ ਉੱਥੋਂ ਨਗਰ ਕੀਰਤਨ ਸਜਾਇਆ ਜਾਵੇਗਾ, ਜਿਸ ਵਿੱਚ ਕਸ਼ਮੀਰੀ ਪੰਡਿਤ ਸ਼ਾਮਲ ਹੋਣਗੇ। ਇੱਕ ਹੋਰ ਨਗਰ ਕੀਰਤਨ 20 ਨਵੰਬਰ ਨੂੰ ਦਮਦਮਾ ਸਾਹਿਬ ਤੋਂ ਸਜਾਇਆ ਜਾਵੇਗਾ ਅਤੇ 20 ਨਵੰਬਰ ਨੂੰ ਹੀ ਫ਼ਰੀਦਕੋਟ ਤੇ ਗੁਰਦਾਸਪੁਰ ਤੋਂ ਵੀ ਨਗਰ ਕੀਰਤਨ ਸਜਾਏ ਜਾਣਗੇ। ਇਹ ਚਾਰੇ ਨਗਰ ਕੀਰਤਨ 22 ਨਵੰਬਰ ਨੂੰ ਸ੍ਰੀ ਅਨੰਦਪੁਰ ਸਾਹਿਬ ਵਿੱਚ ਸੰਪੂਰਨ ਹੋਣਗੇ। ਸੌਂਦ ਨੇ ਕਿਹਾ ਕਿ ਇਸ ਇਤਿਹਾਸਕ ਯਾਦਗਾਰੀ ਮੌਕੇ ਸੂਬਾ ਸਰਕਾਰ ਵੱਲੋਂ ਸ੍ਰੀ ਅਨੰਦਪੁਰ ਸਾਹਿਬ ਵਿੱਚ 23 ਤੋਂ 25 ਨਵੰਬਰ ਤੱਕ ਵਿਆਪਕ ਪੱਧਰ 'ਤੇ ਸਮਾਗਮ ਉਲੀਕੇ ਜਾਣਗੇ। ਸ੍ਰੀ ਅਨੰਦਪੁਰ ਸਾਹਿਬ ਵਿੱਚ 12 ਹਜ਼ਾਰ ਸ਼ਰਧਾਲੂਆਂ ਦੀ ਸਹੂਲਤ ਲਈ ਟੈਂਟ ਸਿਟੀ ਬਣਾਇਆ ਜਾਵੇਗਾ, ਜਿਸ ਦਾ ਨਾਮ 'ਚੱਕ ਨਾਨਕੀ' ਹੋਵੇਗਾ।
